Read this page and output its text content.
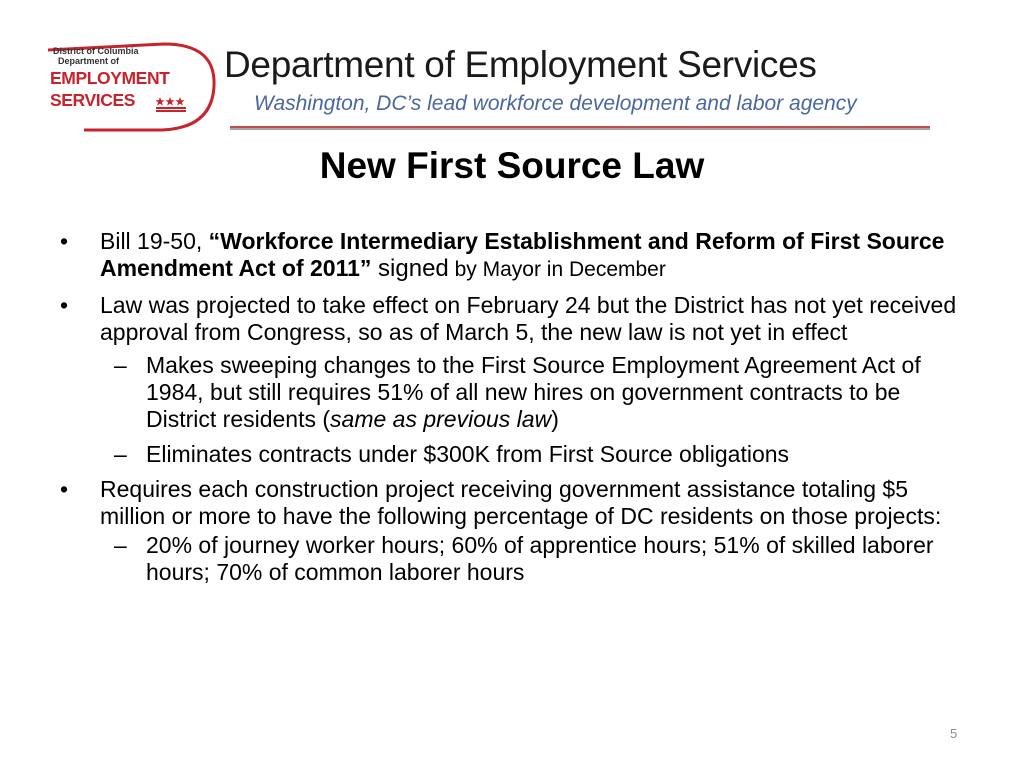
District of Columbia
Department of
EMPLOYMENT
SERVICES
Department of Employment Services
Washington, DC’s lead workforce development and labor agency
New First Source Law
• Bill 19-50, “Workforce Intermediary Establishment and Reform of First Source Amendment Act of 2011” signed by Mayor in December
• Law was projected to take effect on February 24 but the District has not yet received approval from Congress, so as of March 5, the new law is not yet in effect
– Makes sweeping changes to the First Source Employment Agreement Act of 1984, but still requires 51% of all new hires on government contracts to be District residents (same as previous law)
– Eliminates contracts under $300K from First Source obligations
• Requires each construction project receiving government assistance totaling $5 million or more to have the following percentage of DC residents on those projects:
– 20% of journey worker hours; 60% of apprentice hours; 51% of skilled laborer hours; 70% of common laborer hours
5
